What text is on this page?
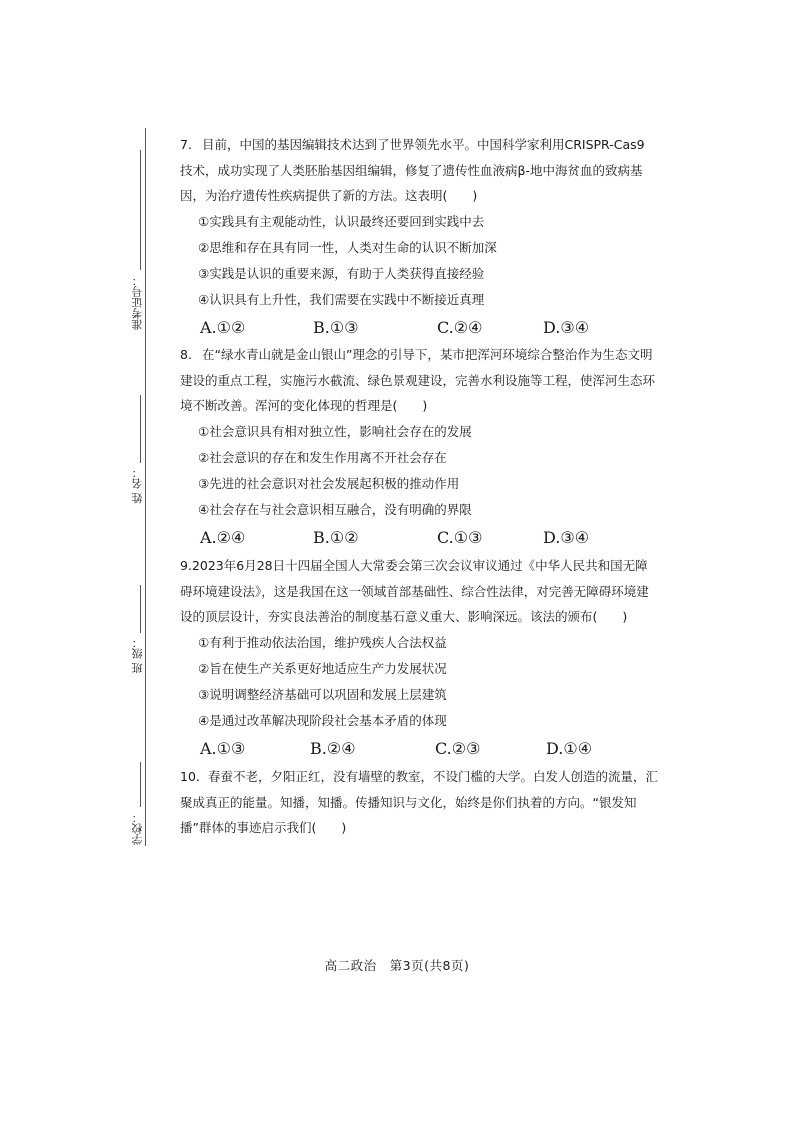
准考证号：
姓 名：
班 级：
学校：

7. 目前，中国的基因编辑技术达到了世界领先水平。中国科学家利用CRISPR-Cas9 技术，成功实现了人类胚胎基因组编辑，修复了遗传性血液病β-地中海贫血的致病基因，为治疗遗传性疾病提供了新的方法。这表明(　　)

①实践具有主观能动性，认识最终还要回到实践中去

②思维和存在具有同一性，人类对生命的认识不断加深

③实践是认识的重要来源，有助于人类获得直接经验

④认识具有上升性，我们需要在实践中不断接近真理

A.①②	B.①③	C.②④	D.③④

8. 在“绿水青山就是金山银山”理念的引导下，某市把浑河环境综合整治作为生态文明建设的重点工程，实施污水截流、绿色景观建设，完善水利设施等工程，使浑河生态环境不断改善。浑河的变化体现的哲理是(　　)

①社会意识具有相对独立性，影响社会存在的发展

②社会意识的存在和发生作用离不开社会存在

③先进的社会意识对社会发展起积极的推动作用

④社会存在与社会意识相互融合，没有明确的界限

A.②④	B.①②	C.①③	D.③④

9.2023年6月28日十四届全国人大常委会第三次会议审议通过《中华人民共和国无障碍环境建设法》，这是我国在这一领域首部基础性、综合性法律，对完善无障碍环境建设的顶层设计，夯实良法善治的制度基石意义重大、影响深远。该法的颁布(　　)

①有利于推动依法治国，维护残疾人合法权益

②旨在使生产关系更好地适应生产力发展状况

③说明调整经济基础可以巩固和发展上层建筑

④是通过改革解决现阶段社会基本矛盾的体现

A.①③	B.②④	C.②③	D.①④

10. 春蚕不老，夕阳正红，没有墙壁的教室，不设门槛的大学。白发人创造的流量，汇聚成真正的能量。知播，知播。传播知识与文化，始终是你们执着的方向。“银发知播”群体的事迹启示我们(　　)

高二政治　第3页(共8页)
